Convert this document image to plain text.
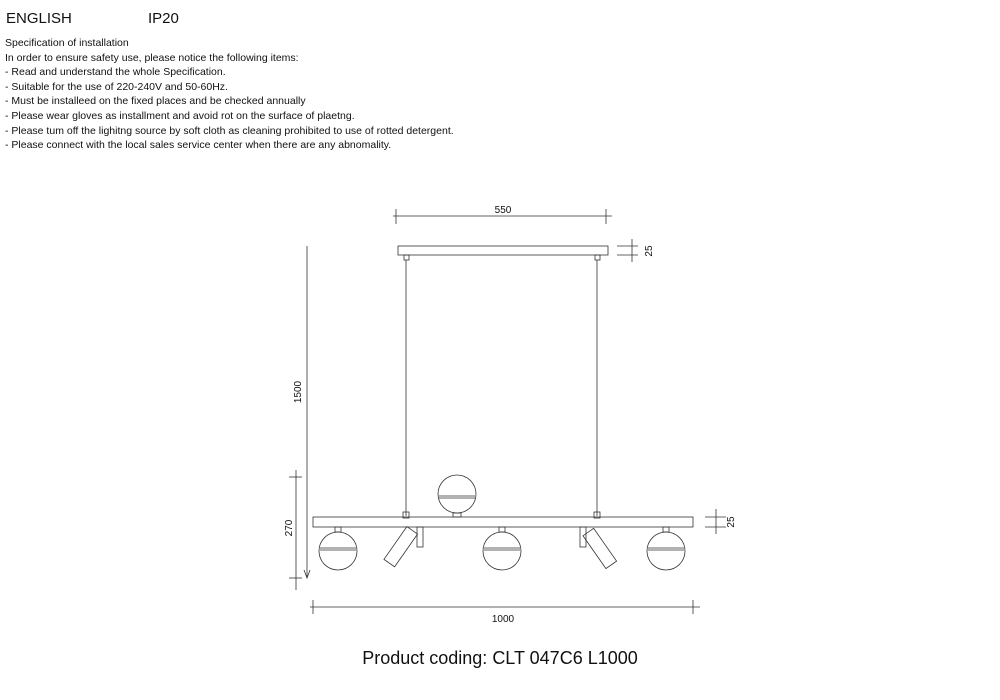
ENGLISH	IP20
Specification of installation
In order to ensure safety use, please notice the following items:
- Read and understand the whole Specification.
- Suitable for the use of 220-240V and 50-60Hz.
- Must be installeed on the fixed places and be checked annually
- Please wear gloves as installment and avoid rot on the surface of plaetng.
- Please tum off the lighitng source by soft cloth as cleaning prohibited to use of rotted detergent.
- Please connect with the local sales service center when there are any abnomality.
550
25
1500
270	25
1000
Product coding: CLT 047C6 L1000
